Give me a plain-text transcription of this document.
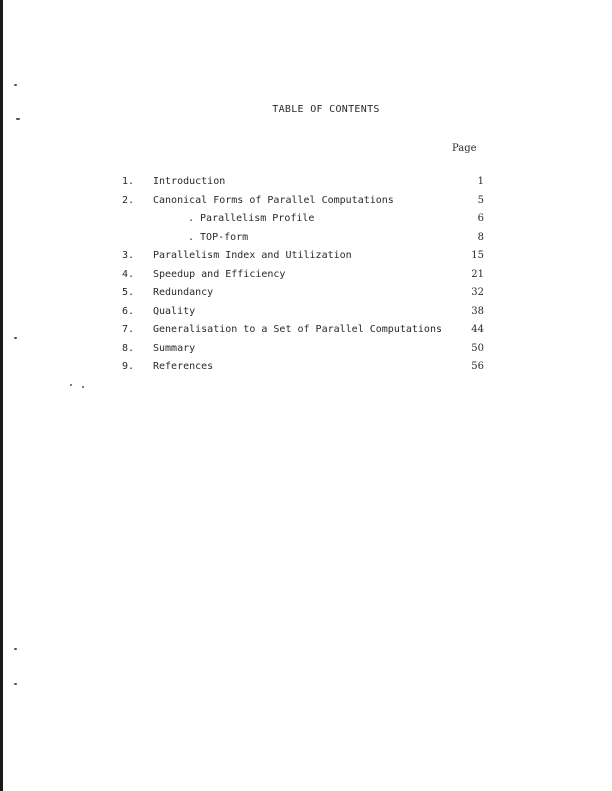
TABLE OF CONTENTS
Page
1. Introduction	1
2. Canonical Forms of Parallel Computations	5
. Parallelism Profile	6
. TOP-form	8
3. Parallelism Index and Utilization	15
4. Speedup and Efficiency	21
5. Redundancy	32
6. Quality	38
7. Generalisation to a Set of Parallel Computations	44
8. Summary	50
9. References	56
